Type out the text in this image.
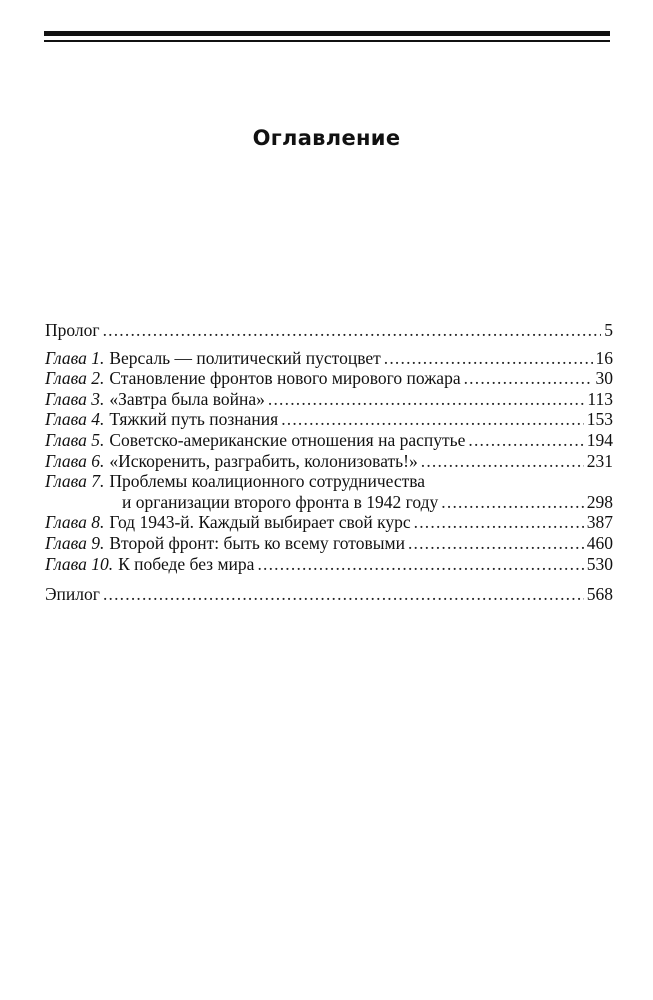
Оглавление
Пролог .....	5
Глава 1. Версаль — политический пустоцвет .....	16
Глава 2. Становление фронтов нового мирового пожара .....	30
Глава 3. «Завтра была война» .....	113
Глава 4. Тяжкий путь познания .....	153
Глава 5. Советско-американские отношения на распутье .....	194
Глава 6. «Искоренить, разграбить, колонизовать!» .....	231
Глава 7. Проблемы коалиционного сотрудничества
и организации второго фронта в 1942 году .....	298
Глава 8. Год 1943-й. Каждый выбирает свой курс .....	387
Глава 9. Второй фронт: быть ко всему готовыми .....	460
Глава 10. К победе без мира .....	530
Эпилог .....	568
